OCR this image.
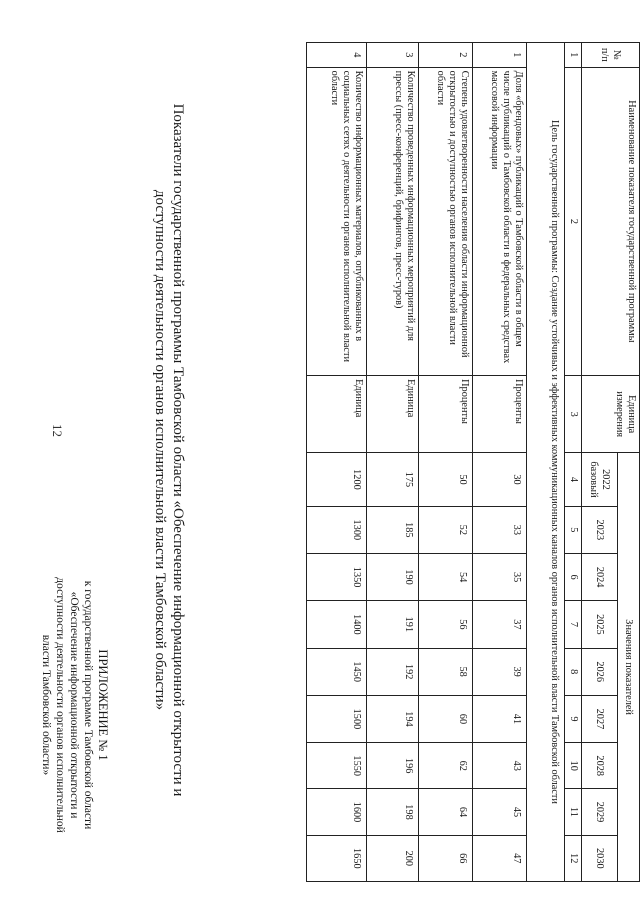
12
ПРИЛОЖЕНИЕ № 1
к государственной программе Тамбовской области
«Обеспечение информационной открытости и
доступности деятельности органов исполнительной
власти Тамбовской области»	Показатели государственной программы Тамбовской области «Обеспечение информационной открытости и
доступности деятельности органов исполнительной власти Тамбовской области»
№ п/п	Наименование показателя государственной программы	Единица измерения	Значения показателей								
			2022 базовый	2023	2024	2025	2026	2027	2028	2029	2030
1	2	3	4	5	6	7	8	9	10	11	12
Цель государственной программы: Создание устойчивых и эффективных коммуникационных каналов органов исполнительной власти Тамбовской области											
1	Доля «брендовых» публикаций о Тамбовской области в общем числе публикаций о Тамбовской области в федеральных средствах массовой информации	Проценты	30	33	35	37	39	41	43	45	47
2	Степень удовлетворенности населения области информационной открытостью и доступностью органов исполнительной власти области	Проценты	50	52	54	56	58	60	62	64	66
3	Количество проведенных информационных мероприятий для прессы (пресс-конференций, брифингов, пресс-туров)	Единица	175	185	190	191	192	194	196	198	200
4	Количество информационных материалов, опубликованных в социальных сетях о деятельности органов исполнительной власти области	Единица	1200	1300	1350	1400	1450	1500	1550	1600	1650
